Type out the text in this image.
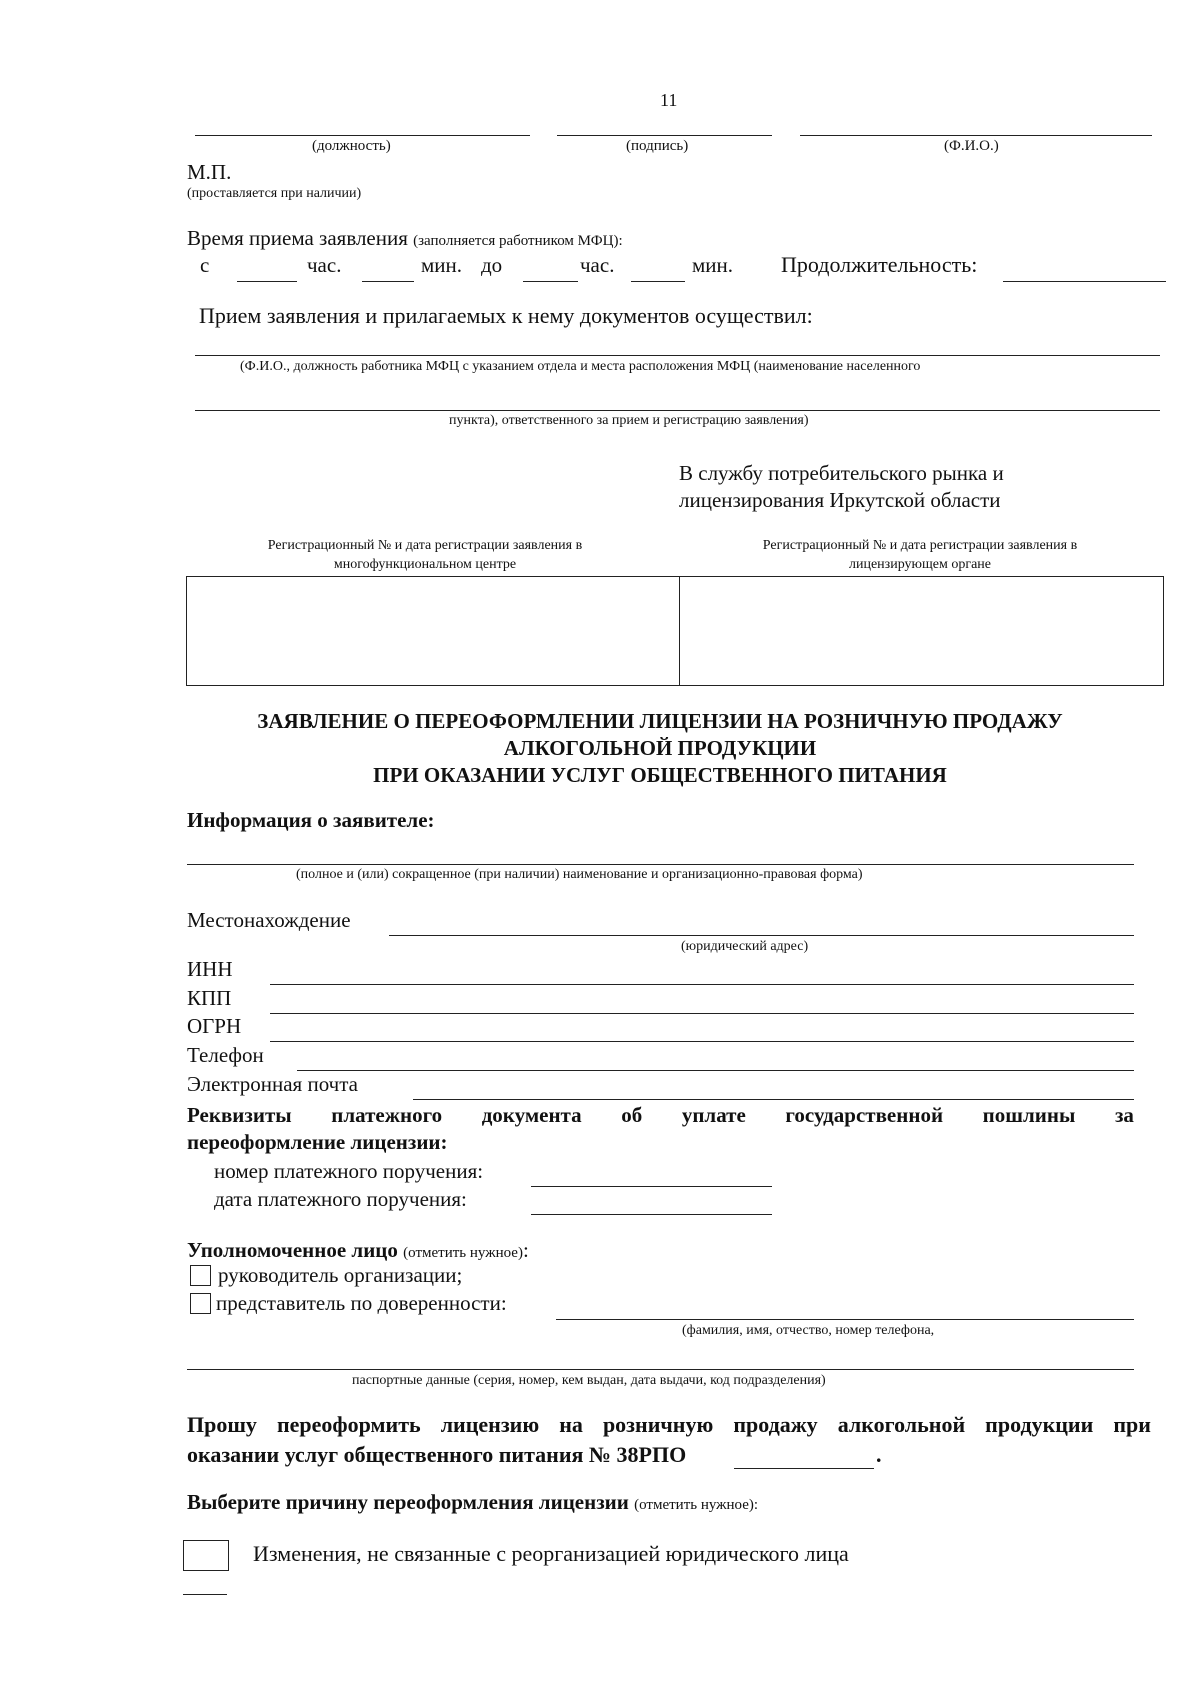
11
(должность)	(подпись)	(Ф.И.О.)
М.П.
(проставляется при наличии)
Время приема заявления (заполняется работником МФЦ):
с	час.	мин. до	час.	мин. Продолжительность:
Прием заявления и прилагаемых к нему документов осуществил:
(Ф.И.О., должность работника МФЦ с указанием отдела и места расположения МФЦ (наименование населенного
пункта), ответственного за прием и регистрацию заявления)
В службу потребительского рынка и
лицензирования Иркутской области
Регистрационный № и дата регистрации заявления в
многофункциональном центре
Регистрационный № и дата регистрации заявления в
лицензирующем органе
ЗАЯВЛЕНИЕ О ПЕРЕОФОРМЛЕНИИ ЛИЦЕНЗИИ НА РОЗНИЧНУЮ ПРОДАЖУ
АЛКОГОЛЬНОЙ ПРОДУКЦИИ
ПРИ ОКАЗАНИИ УСЛУГ ОБЩЕСТВЕННОГО ПИТАНИЯ
Информация о заявителе:
(полное и (или) сокращенное (при наличии) наименование и организационно-правовая форма)
Местонахождение
(юридический адрес)
ИНН
КПП
ОГРН
Телефон
Электронная почта
Реквизиты платежного документа об уплате государственной пошлины за
переоформление лицензии:
номер платежного поручения:
дата платежного поручения:
Уполномоченное лицо (отметить нужное):
руководитель организации;
представитель по доверенности:
(фамилия, имя, отчество, номер телефона,
паспортные данные (серия, номер, кем выдан, дата выдачи, код подразделения)
Прошу переоформить лицензию на розничную продажу алкогольной продукции при
оказании услуг общественного питания № 38РПО	.
Выберите причину переоформления лицензии (отметить нужное):
Изменения, не связанные с реорганизацией юридического лица
